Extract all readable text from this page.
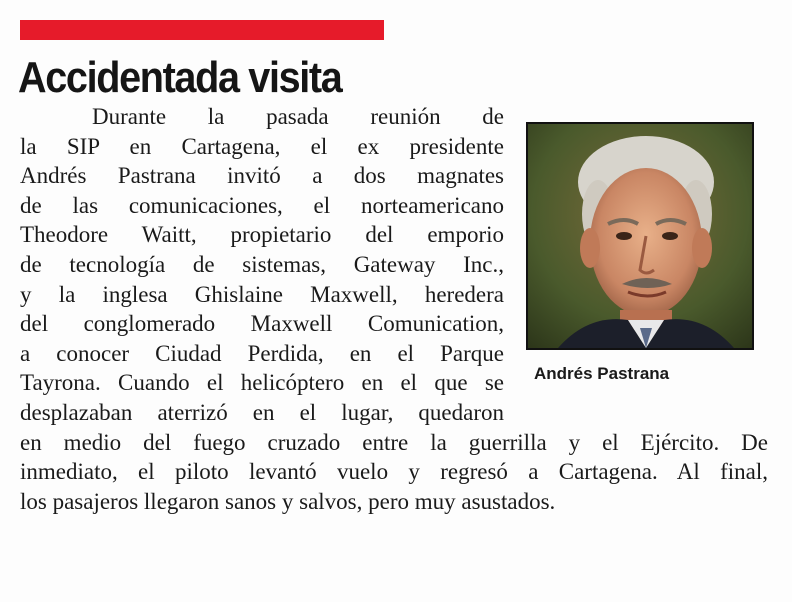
Accidentada visita
Durante la pasada reunión de
la SIP en Cartagena, el ex presidente
Andrés Pastrana invitó a dos magnates
de las comunicaciones, el norteamericano
Theodore Waitt, propietario del emporio
de tecnología de sistemas, Gateway Inc.,
y la inglesa Ghislaine Maxwell, heredera
del conglomerado Maxwell Comunication,
a conocer Ciudad Perdida, en el Parque
Tayrona. Cuando el helicóptero en el que se
desplazaban aterrizó en el lugar, quedaron
en medio del fuego cruzado entre la guerrilla y el Ejército. De
inmediato, el piloto levantó vuelo y regresó a Cartagena. Al final,
los pasajeros llegaron sanos y salvos, pero muy asustados.
Andrés Pastrana
